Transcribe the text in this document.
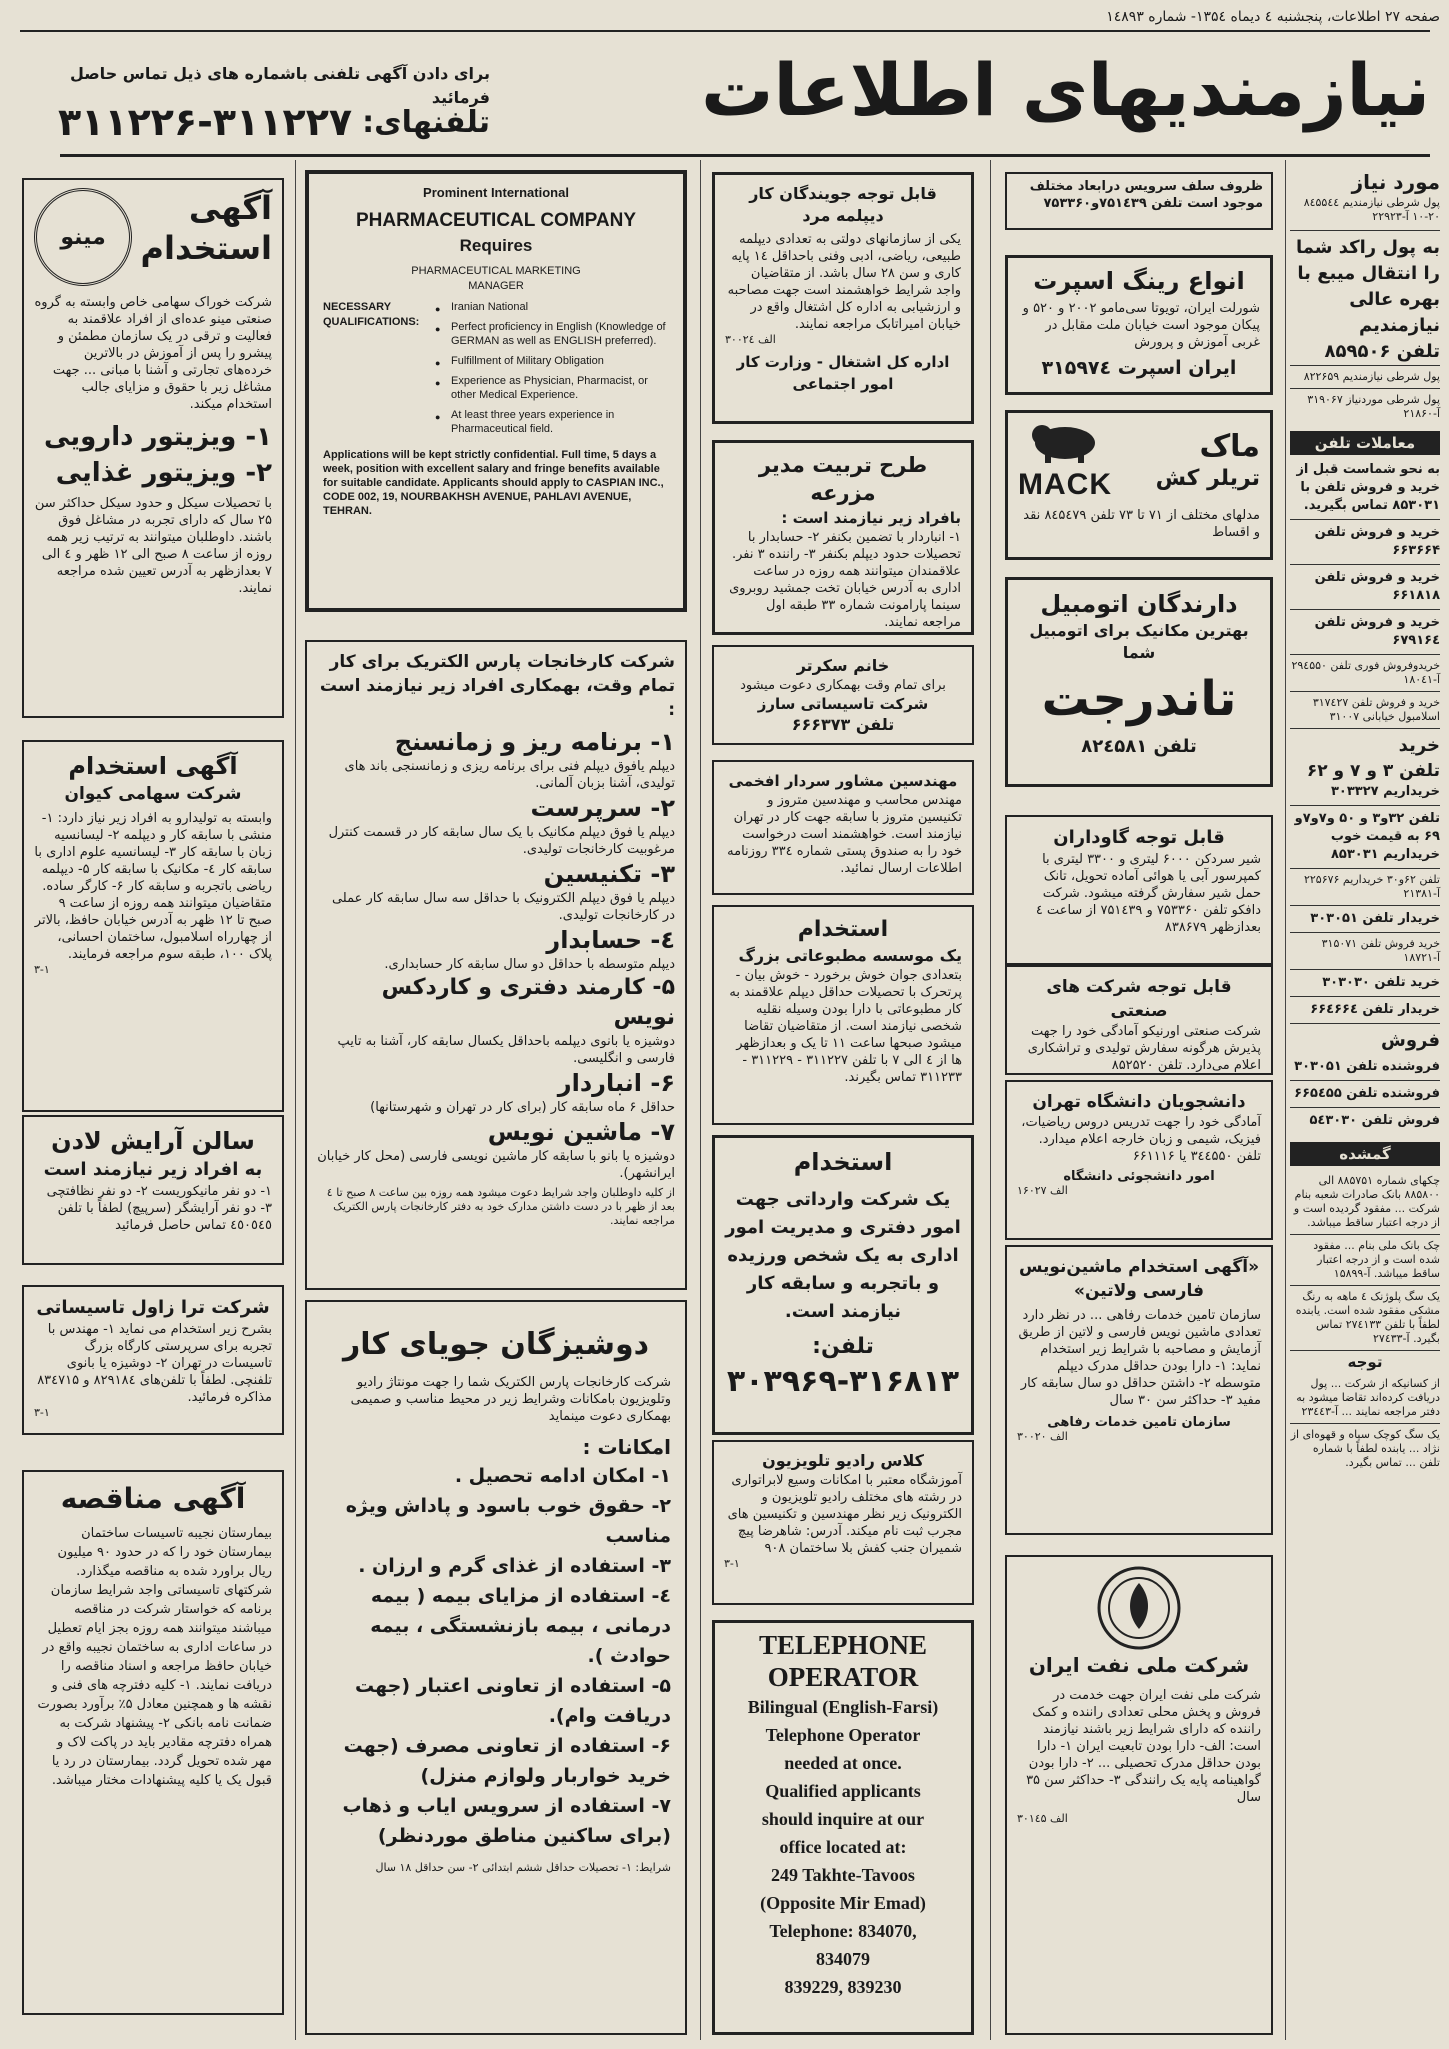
صفحه ۲۷ اطلاعات، پنجشنبه ٤ دیماه ۱۳۵٤- شماره ۱٤۸۹۳
نیازمندیهای اطلاعات
برای دادن آگهی تلفنی باشماره های ذیل تماس حاصل فرمائید
تلفنهای:
۳۱۱۲۲۶-۳۱۱۲۲۷
مورد نیاز
پول شرطی نیازمندیم ۸٤۵۵٤٤ ۲۰-۱۰ آ-۲۲۹۲۳
به پول راکد شما را انتقال میبع با بهره عالی نیازمندیم
تلفن ۸۵۹۵۰۶
پول شرطی نیازمندیم ۸۲۲۶۵۹
پول شرطی موردنیاز ۳۱۹۰۶۷ آ-۲۱۸۶۰
معاملات تلفن
به نحو شماست قبل از خرید و فروش تلفن با ۸۵۳۰۳۱ تماس بگیرید.
خرید و فروش تلفن ۶۶۳۶۶۴
خرید و فروش تلفن ۶۶۱۸۱۸
خرید و فروش تلفن ۶۷۹۱۶٤
خریدوفروش فوری تلفن ۲۹٤۵۵۰ آ-۱۸۰٤۱
خرید و فروش تلفن ۳۱۷٤۲۷ اسلامبول خیابانی ۳۱۰۰۷
خرید
تلفن ۳ و ۷ و ۶۲
خریداریم ۳۰۳۳۲۷
تلفن ۳۲و۳ و ۵۰ و۷و۷و ۶۹ به قیمت خوب خریداریم ۸۵۳۰۳۱
تلفن ۶۲و۳۰ خریداریم ۲۲۵۶۷۶ آ-۲۱۳۸۱
خریدار تلفن ۳۰۳۰۵۱
خرید فروش تلفن ۳۱۵۰۷۱ آ-۱۸۷۲۱
خرید تلفن ۳۰۳۰۳۰
خریدار تلفن ۶۶٤۶۶٤
فروش
فروشنده تلفن ۳۰۳۰۵۱
فروشنده تلفن ۶۶۵٤۵۵
فروش تلفن ۵٤۳۰۳۰
گمشده
چکهای شماره ۸۸۵۷۵۱ الی ۸۸۵۸۰۰ بانک صادرات شعبه بنام شرکت ... مفقود گردیده است و از درجه اعتبار ساقط میباشد.
چک بانک ملی بنام ... مفقود شده است و از درجه اعتبار ساقط میباشد. آ-۱۵۸۹۹
یک سگ پلوژنک ٤ ماهه به رنگ مشکی مفقود شده است. یابنده لطفاً با تلفن ۲۷٤۱۳۳ تماس بگیرد. آ-۲۷٤۳۳
توجه
از کسانیکه از شرکت ... پول دریافت کرده‌اند تقاضا میشود به دفتر مراجعه نمایند ... آ-۲۳٤٤۳
یک سگ کوچک سیاه و قهوه‌ای از نژاد ... یابنده لطفاً با شماره تلفن ... تماس بگیرد.
ظروف سلف سرویس درابعاد مختلف موجود است تلفن ۷۵۱٤۳۹و۷۵۳۳۶۰
انواع رینگ اسپرت
شورلت ایران، تویوتا سی‌مامو ۲۰۰۲ و ۵۲۰ و پیکان موجود است خیابان ملت مقابل در غربی آموزش و پرورش
ایران اسپرت ۳۱۵۹۷٤
ماک
تریلر کش
MACK
مدلهای مختلف از ۷۱ تا ۷۳ تلفن ۸٤۵٤۷۹ نقد و اقساط
دارندگان اتومبیل
بهترین مکانیک برای اتومبیل شما
تاندرجت
تلفن ۸۲٤۵۸۱
قابل توجه گاوداران
شیر سردکن ۶۰۰۰ لیتری و ۳۳۰۰ لیتری با کمپرسور آبی یا هوائی آماده تحویل، تانک حمل شیر سفارش گرفته میشود. شرکت دافکو تلفن ۷۵۳۳۶۰ و ۷۵۱٤۳۹ از ساعت ٤ بعدازظهر ۸۳۸۶۷۹
قابل توجه شرکت های صنعتی
شرکت صنعتی اورنیکو آمادگی خود را جهت پذیرش هرگونه سفارش تولیدی و تراشکاری اعلام می‌دارد. تلفن ۸۵۲۵۲۰
دانشجویان دانشگاه تهران
آمادگی خود را جهت تدریس دروس ریاضیات، فیزیک، شیمی و زبان خارجه اعلام میدارد. تلفن ۳٤٤۵۵۰ یا ۶۶۱۱۱۶
امور دانشجوئی دانشگاه
الف ۱۶۰۲۷
«آگهی استخدام ماشین‌نویس فارسی ولاتین»
سازمان تامین خدمات رفاهی ... در نظر دارد تعدادی ماشین نویس فارسی و لاتین از طریق آزمایش و مصاحبه با شرایط زیر استخدام نماید: ۱- دارا بودن حداقل مدرک دیپلم متوسطه ۲- داشتن حداقل دو سال سابقه کار مفید ۳- حداکثر سن ۳۰ سال
سازمان تامین خدمات رفاهی
الف ۳۰۰۲۰
شرکت ملی نفت ایران
شرکت ملی نفت ایران جهت خدمت در فروش و پخش محلی تعدادی راننده و کمک راننده که دارای شرایط زیر باشند نیازمند است: الف- دارا بودن تابعیت ایران ۱- دارا بودن حداقل مدرک تحصیلی ... ۲- دارا بودن گواهینامه پایه یک رانندگی ۳- حداکثر سن ۳۵ سال
الف ۳۰۱٤۵
قابل توجه جویندگان کار دیپلمه مرد
یکی از سازمانهای دولتی به تعدادی دیپلمه طبیعی، ریاضی، ادبی وفنی باحداقل ۱٤ پایه کاری و سن ۲۸ سال باشد. از متقاضیان واجد شرایط خواهشمند است جهت مصاحبه و ارزشیابی به اداره کل اشتغال واقع در خیابان امیراتابک مراجعه نمایند.
الف ۳۰۰۲٤
اداره کل اشتغال - وزارت کار امور اجتماعی
طرح تربیت مدیر مزرعه
بافراد زیر نیازمند است :
۱- انباردار با تضمین بکنفر ۲- حسابدار با تحصیلات حدود دیپلم بکنفر ۳- راننده ۳ نفر. علاقمندان میتوانند همه روزه در ساعت اداری به آدرس خیابان تخت جمشید روبروی سینما پارامونت شماره ۳۳ طبقه اول مراجعه نمایند.
خانم سکرتر
برای تمام وقت بهمکاری دعوت میشود
شرکت تاسیساتی سارز
تلفن ۶۶۶۳۷۳
مهندسین مشاور سردار افخمی
مهندس محاسب و مهندسین متروز و تکنیسین متروز با سابقه جهت کار در تهران نیازمند است. خواهشمند است درخواست خود را به صندوق پستی شماره ۳۳٤ روزنامه اطلاعات ارسال نمائید.
استخدام
یک موسسه مطبوعاتی بزرگ
بتعدادی جوان خوش برخورد - خوش بیان - پرتحرک با تحصیلات حداقل دیپلم علاقمند به کار مطبوعاتی با دارا بودن وسیله نقلیه شخصی نیازمند است. از متقاضیان تقاضا میشود صبحها ساعت ۱۱ تا یک و بعدازظهر ها از ٤ الی ۷ با تلفن ۳۱۱۲۲۷ - ۳۱۱۲۲۹ - ۳۱۱۲۳۳ تماس بگیرند.
استخدام
یک شرکت وارداتی جهت امور دفتری و مدیریت امور اداری به یک شخص ورزیده و باتجربه و سابقه کار نیازمند است.
تلفن:
۳۰۳۹۶۹-۳۱۶۸۱۳
کلاس رادیو تلویزیون
آموزشگاه معتبر با امکانات وسیع لابراتواری در رشته های مختلف رادیو تلویزیون و الکترونیک زیر نظر مهندسین و تکنیسین های مجرب ثبت نام میکند. آدرس: شاهرضا پیچ شمیران جنب کفش بلا ساختمان ۹۰۸
۳-۱
TELEPHONE
OPERATOR
Bilingual (English-Farsi)
Telephone Operator
needed at once.
Qualified applicants
should inquire at our
office located at:
249 Takhte-Tavoos
(Opposite Mir Emad)
Telephone: 834070,
834079
839229, 839230
Prominent International
PHARMACEUTICAL COMPANY
Requires
PHARMACEUTICAL MARKETING MANAGER
NECESSARY
QUALIFICATIONS:
● Iranian National
● Perfect proficiency in English (Knowledge of GERMAN as well as ENGLISH preferred).
● Fulfillment of Military Obligation
● Experience as Physician, Pharmacist, or other Medical Experience.
● At least three years experience in Pharmaceutical field.
Applications will be kept strictly confidential. Full time, 5 days a week, position with excellent salary and fringe benefits available for suitable candidate. Applicants should apply to CASPIAN INC., CODE 002, 19, NOURBAKHSH AVENUE, PAHLAVI AVENUE, TEHRAN.
شرکت کارخانجات پارس الکتریک برای کار تمام وقت، بهمکاری افراد زیر نیازمند است :
۱- برنامه ریز و زمانسنج
دیپلم یافوق دیپلم فنی برای برنامه ریزی و زمانسنجی باند های تولیدی، آشنا بزبان آلمانی.
۲- سرپرست
دیپلم یا فوق دیپلم مکانیک با یک سال سابقه کار در قسمت کنترل مرغوبیت کارخانجات تولیدی.
۳- تکنیسین
دیپلم یا فوق دیپلم الکترونیک با حداقل سه سال سابقه کار عملی در کارخانجات تولیدی.
٤- حسابدار
دیپلم متوسطه با حداقل دو سال سابقه کار حسابداری.
۵- کارمند دفتری و کاردکس نویس
دوشیزه یا بانوی دیپلمه باحداقل یکسال سابقه کار، آشنا به تایپ فارسی و انگلیسی.
۶- انباردار
حداقل ۶ ماه سابقه کار (برای کار در تهران و شهرستانها)
۷- ماشین نویس
دوشیزه یا بانو با سابقه کار ماشین نویسی فارسی (محل کار خیابان ایرانشهر).
از کلیه داوطلبان واجد شرایط دعوت میشود همه روزه بین ساعت ۸ صبح تا ٤ بعد از ظهر با در دست داشتن مدارک خود به دفتر کارخانجات پارس الکتریک مراجعه نمایند.
دوشیزگان جویای کار
شرکت کارخانجات پارس الکتریک شما را جهت مونتاژ رادیو وتلویزیون بامکانات وشرایط زیر در محیط مناسب و صمیمی بهمکاری دعوت مینماید
امکانات :
۱- امکان ادامه تحصیل .
۲- حقوق خوب باسود و پاداش ویژه مناسب
۳- استفاده از غذای گرم و ارزان .
٤- استفاده از مزایای بیمه ( بیمه درمانی ، بیمه بازنشستگی ، بیمه حوادث ).
۵- استفاده از تعاونی اعتبار (جهت دریافت وام).
۶- استفاده از تعاونی مصرف (جهت خرید خواربار ولوازم منزل)
۷- استفاده از سرویس ایاب و ذهاب (برای ساکنین مناطق موردنظر)
شرایط: ۱- تحصیلات حداقل ششم ابتدائی ۲- سن حداقل ۱۸ سال
آگهی
استخدام
مینو
شرکت خوراک سهامی خاص وابسته به گروه صنعتی مینو عده‌ای از افراد علاقمند به فعالیت و ترقی در یک سازمان مطمئن و پیشرو را پس از آموزش در بالاترین خرده‌های تجارتی و آشنا با مبانی ... جهت مشاغل زیر با حقوق و مزایای جالب استخدام میکند.
۱- ویزیتور دارویی
۲- ویزیتور غذایی
با تحصیلات سیکل و حدود سیکل حداکثر سن ۲۵ سال که دارای تجربه در مشاغل فوق باشند. داوطلبان میتوانند به ترتیب زیر همه روزه از ساعت ۸ صبح الی ۱۲ ظهر و ٤ الی ۷ بعدازظهر به آدرس تعیین شده مراجعه نمایند.
آگهی استخدام
شرکت سهامی کیوان
وابسته به تولیدارو به افراد زیر نیاز دارد: ۱- منشی با سابقه کار و دیپلمه ۲- لیسانسیه زبان با سابقه کار ۳- لیسانسیه علوم اداری با سابقه کار ٤- مکانیک با سابقه کار ۵- دیپلمه ریاضی باتجربه و سابقه کار ۶- کارگر ساده. متقاضیان میتوانند همه روزه از ساعت ۹ صبح تا ۱۲ ظهر به آدرس خیابان حافظ، بالاتر از چهارراه اسلامبول، ساختمان احسانی، پلاک ۱۰۰، طبقه سوم مراجعه فرمایند.
۳-۱
سالن آرایش لادن
به افراد زیر نیازمند است
۱- دو نفر مانیکوریست ۲- دو نفر نظافتچی ۳- دو نفر آرایشگر (سرپیچ) لطفاً با تلفن ٤٥٠٥٤٥ تماس حاصل فرمائید
شرکت ترا زاول تاسیساتی
بشرح زیر استخدام می نماید ۱- مهندس با تجربه برای سرپرستی کارگاه بزرگ تاسیسات در تهران ۲- دوشیزه یا بانوی تلفنچی. لطفاً با تلفن‌های ۸۲۹۱۸٤ و ۸۳٤۷۱۵ مذاکره فرمائید.
۳-۱
آگهی مناقصه
بیمارستان نجیبه تاسیسات ساختمان بیمارستان خود را که در حدود ۹۰ میلیون ریال براورد شده به مناقصه میگذارد. شرکتهای تاسیساتی واجد شرایط سازمان برنامه که خواستار شرکت در مناقصه میباشند میتوانند همه روزه بجز ایام تعطیل در ساعات اداری به ساختمان نجیبه واقع در خیابان حافظ مراجعه و اسناد مناقصه را دریافت نمایند. ۱- کلیه دفترچه های فنی و نقشه ها و همچنین معادل ۵٪ برآورد بصورت ضمانت نامه بانکی ۲- پیشنهاد شرکت به همراه دفترچه مقادیر باید در پاکت لاک و مهر شده تحویل گردد. بیمارستان در رد یا قبول یک یا کلیه پیشنهادات مختار میباشد.
